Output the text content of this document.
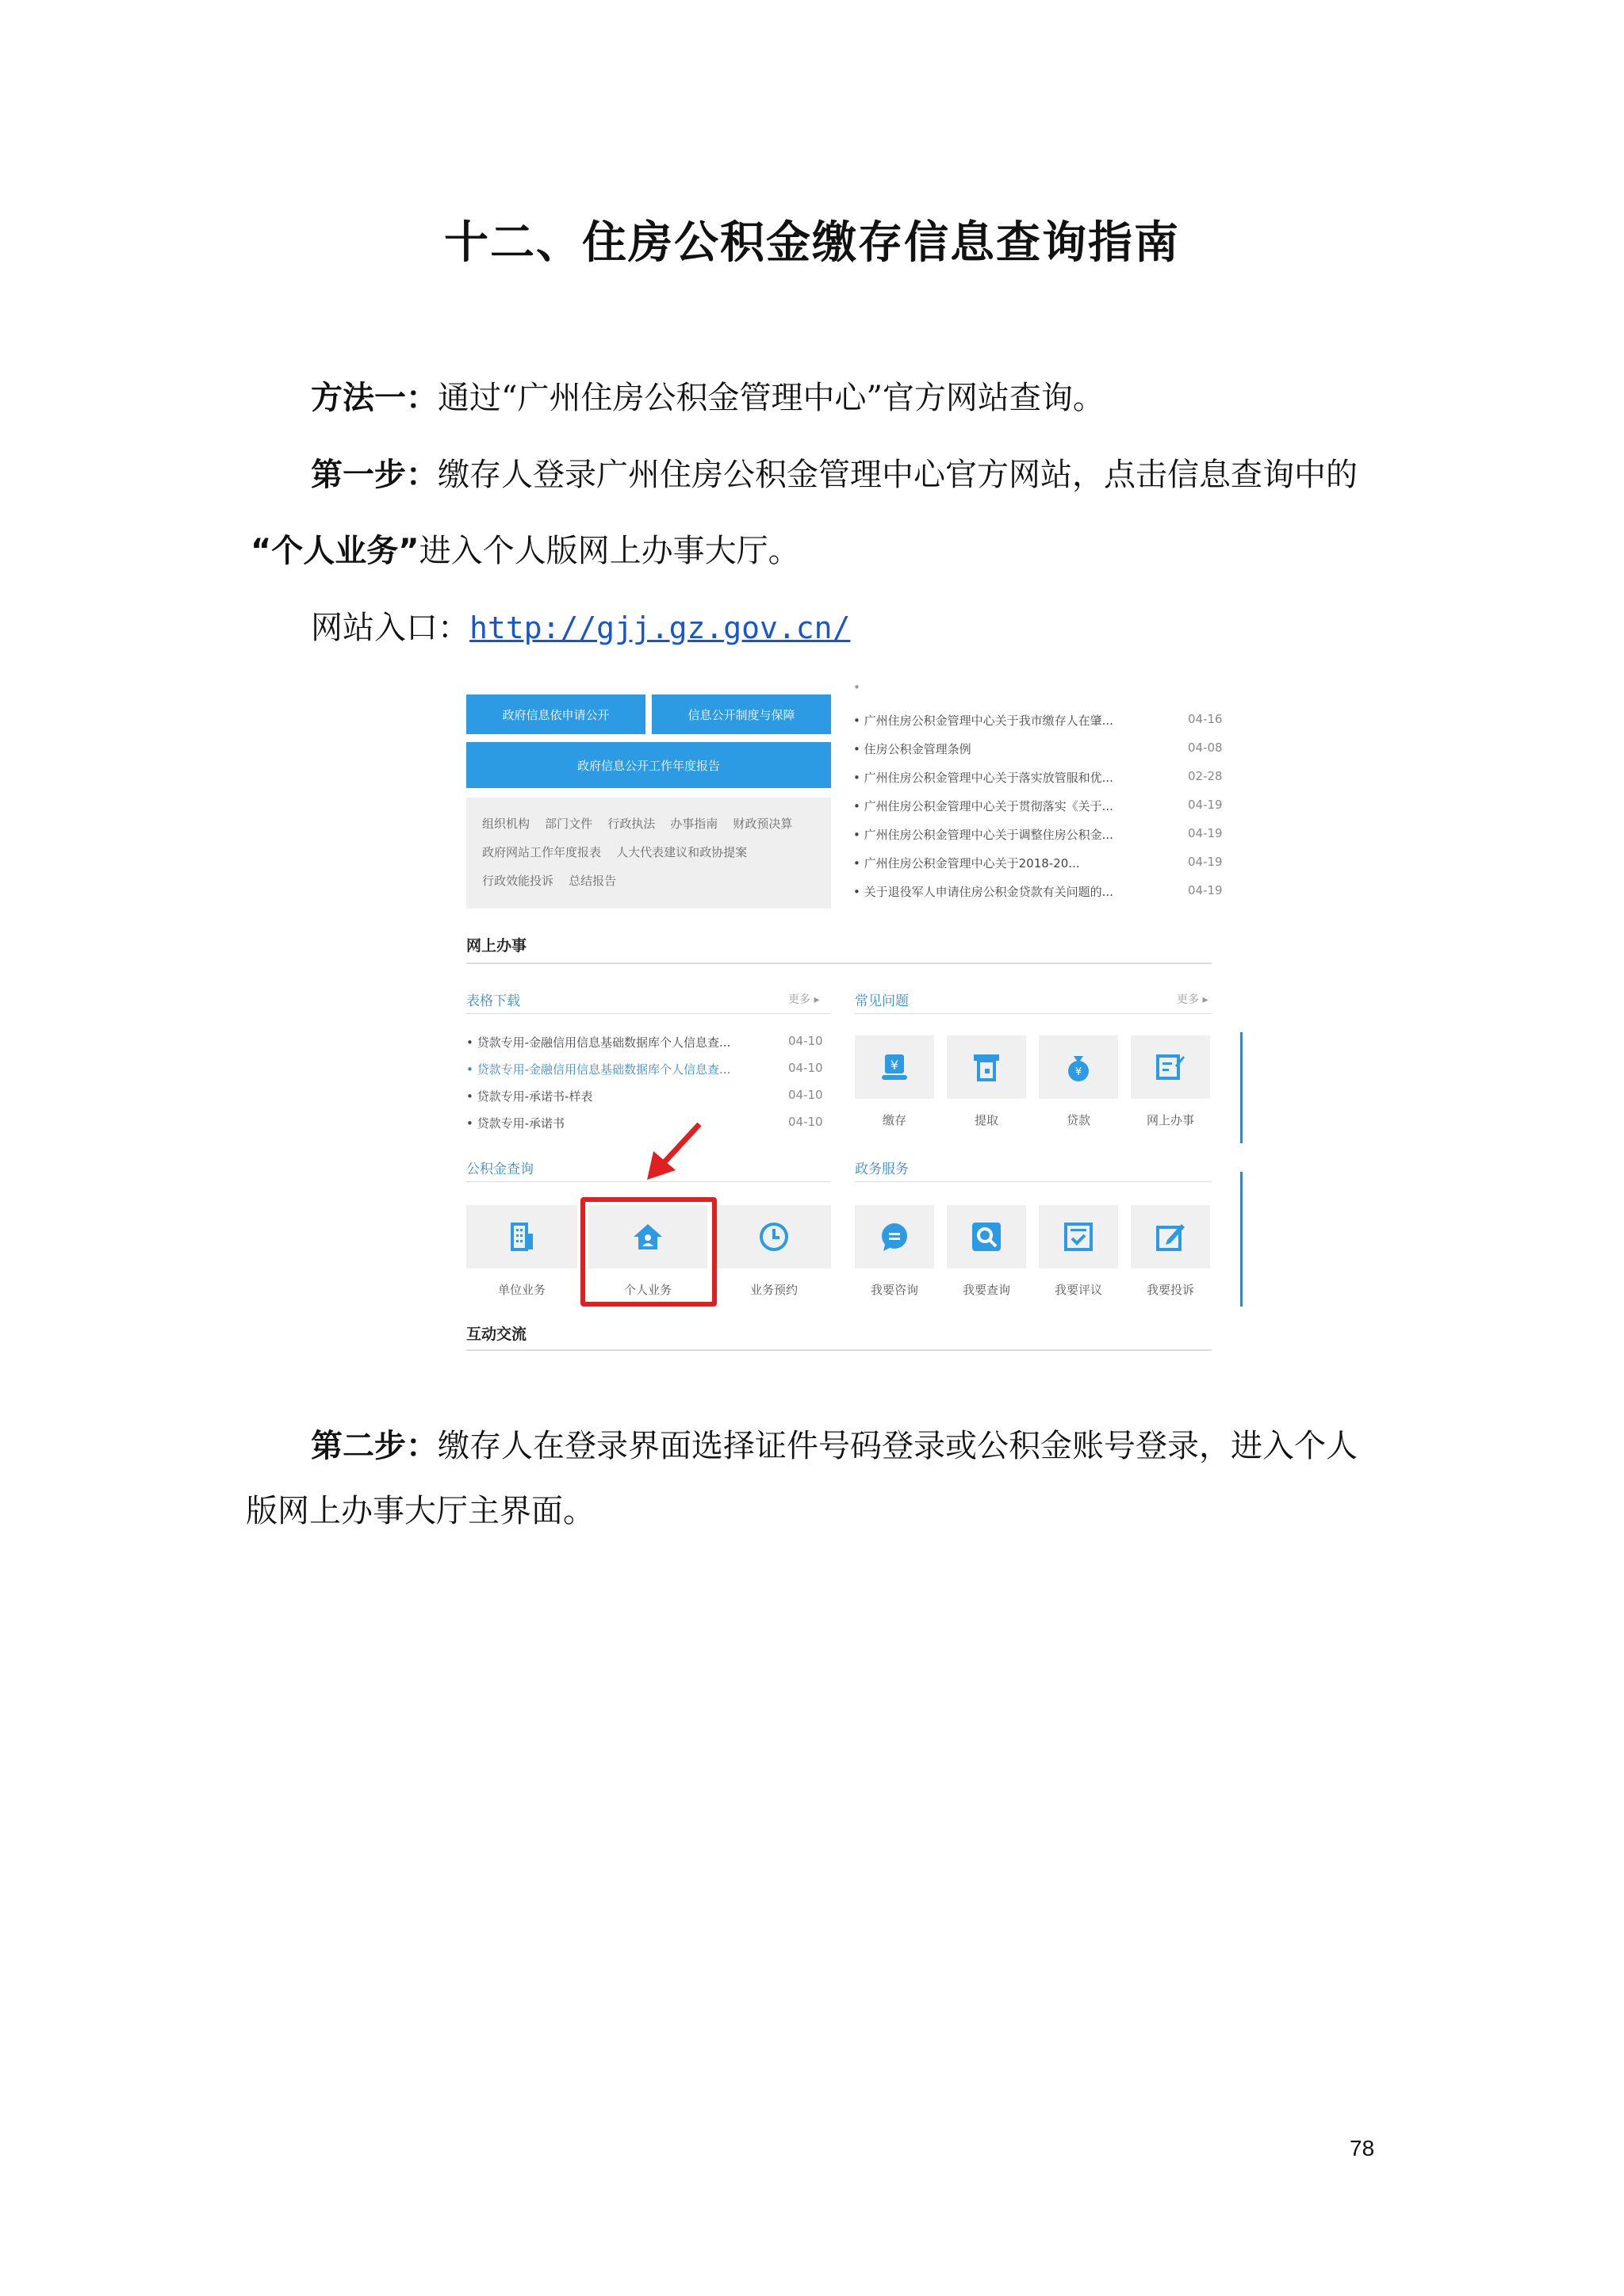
十二、住房公积金缴存信息查询指南
方法一：通过“广州住房公积金管理中心”官方网站查询。
第一步：缴存人登录广州住房公积金管理中心官方网站，点击信息查询中的
“个人业务”进入个人版网上办事大厅。
网站入口：http://gjj.gz.gov.cn/
政府信息依申请公开	信息公开制度与保障
政府信息公开工作年度报告
组织机构 部门文件 行政执法 办事指南 财政预决算
政府网站工作年度报表 人大代表建议和政协提案
行政效能投诉 总结报告
•
• 广州住房公积金管理中心关于我市缴存人在肇...	04-16
• 住房公积金管理条例	04-08
• 广州住房公积金管理中心关于落实放管服和优...	02-28
• 广州住房公积金管理中心关于贯彻落实《关于...	04-19
• 广州住房公积金管理中心关于调整住房公积金...	04-19
• 广州住房公积金管理中心关于2018-20...	04-19
• 关于退役军人申请住房公积金贷款有关问题的...	04-19
网上办事
表格下载	更多 ▸
• 贷款专用-金融信用信息基础数据库个人信息查...	04-10
• 贷款专用-金融信用信息基础数据库个人信息查...	04-10
• 贷款专用-承诺书-样表	04-10
• 贷款专用-承诺书	04-10
常见问题	更多 ▸
¥
缴存	提取
¥
贷款	网上办事
公积金查询
单位业务	个人业务	业务预约
政务服务
我要咨询	我要查询	我要评议	我要投诉
互动交流
第二步：缴存人在登录界面选择证件号码登录或公积金账号登录，进入个人
版网上办事大厅主界面。
78
